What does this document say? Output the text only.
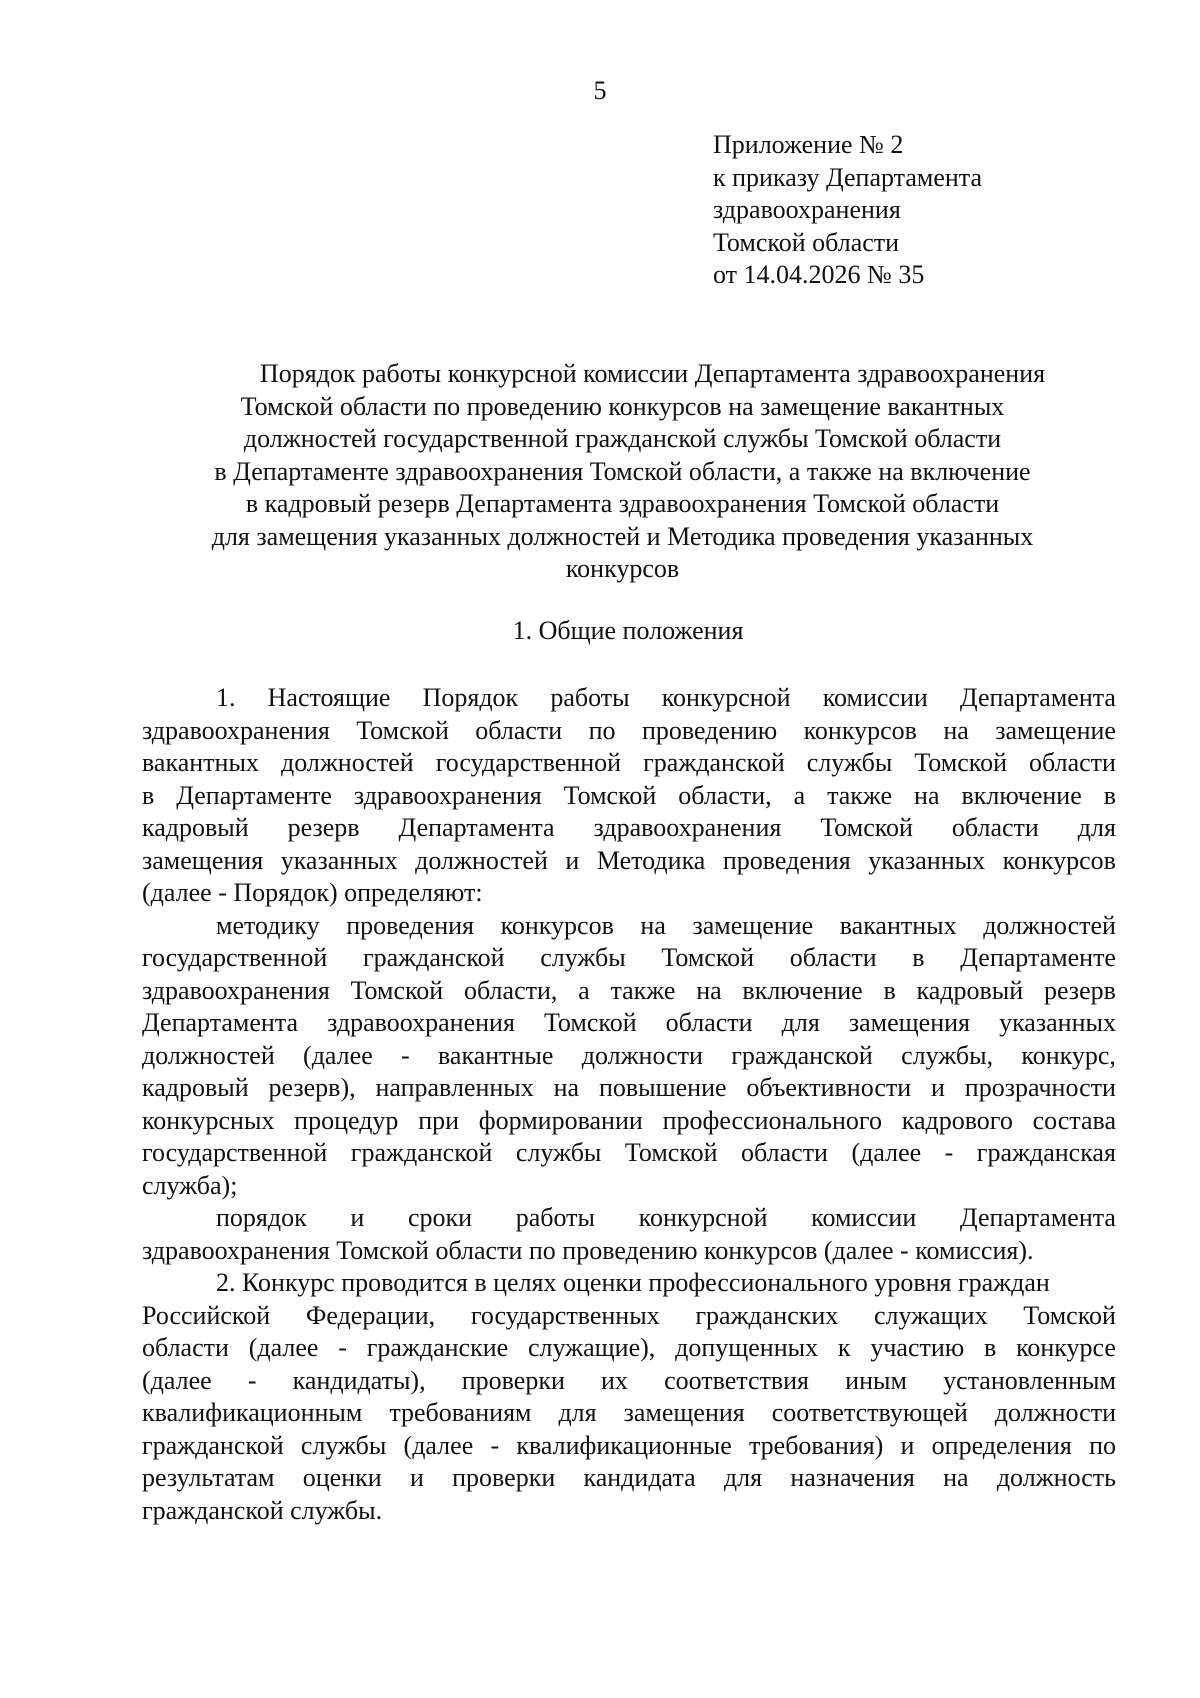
5
Приложение № 2
к приказу Департамента
здравоохранения
Томской области
от 14.04.2026 № 35
Порядок работы конкурсной комиссии Департамента здравоохранения
Томской области по проведению конкурсов на замещение вакантных
должностей государственной гражданской службы Томской области
в Департаменте здравоохранения Томской области, а также на включение
в кадровый резерв Департамента здравоохранения Томской области
для замещения указанных должностей и Методика проведения указанных
конкурсов
1. Общие положения
1. Настоящие Порядок работы конкурсной комиссии Департамента
здравоохранения Томской области по проведению конкурсов на замещение
вакантных должностей государственной гражданской службы Томской области
в Департаменте здравоохранения Томской области, а также на включение в
кадровый резерв Департамента здравоохранения Томской области для
замещения указанных должностей и Методика проведения указанных конкурсов
(далее - Порядок) определяют:
методику проведения конкурсов на замещение вакантных должностей
государственной гражданской службы Томской области в Департаменте
здравоохранения Томской области, а также на включение в кадровый резерв
Департамента здравоохранения Томской области для замещения указанных
должностей (далее - вакантные должности гражданской службы, конкурс,
кадровый резерв), направленных на повышение объективности и прозрачности
конкурсных процедур при формировании профессионального кадрового состава
государственной гражданской службы Томской области (далее - гражданская
служба);
порядок и сроки работы конкурсной комиссии Департамента
здравоохранения Томской области по проведению конкурсов (далее - комиссия).
2. Конкурс проводится в целях оценки профессионального уровня граждан
Российской Федерации, государственных гражданских служащих Томской
области (далее - гражданские служащие), допущенных к участию в конкурсе
(далее - кандидаты), проверки их соответствия иным установленным
квалификационным требованиям для замещения соответствующей должности
гражданской службы (далее - квалификационные требования) и определения по
результатам оценки и проверки кандидата для назначения на должность
гражданской службы.
